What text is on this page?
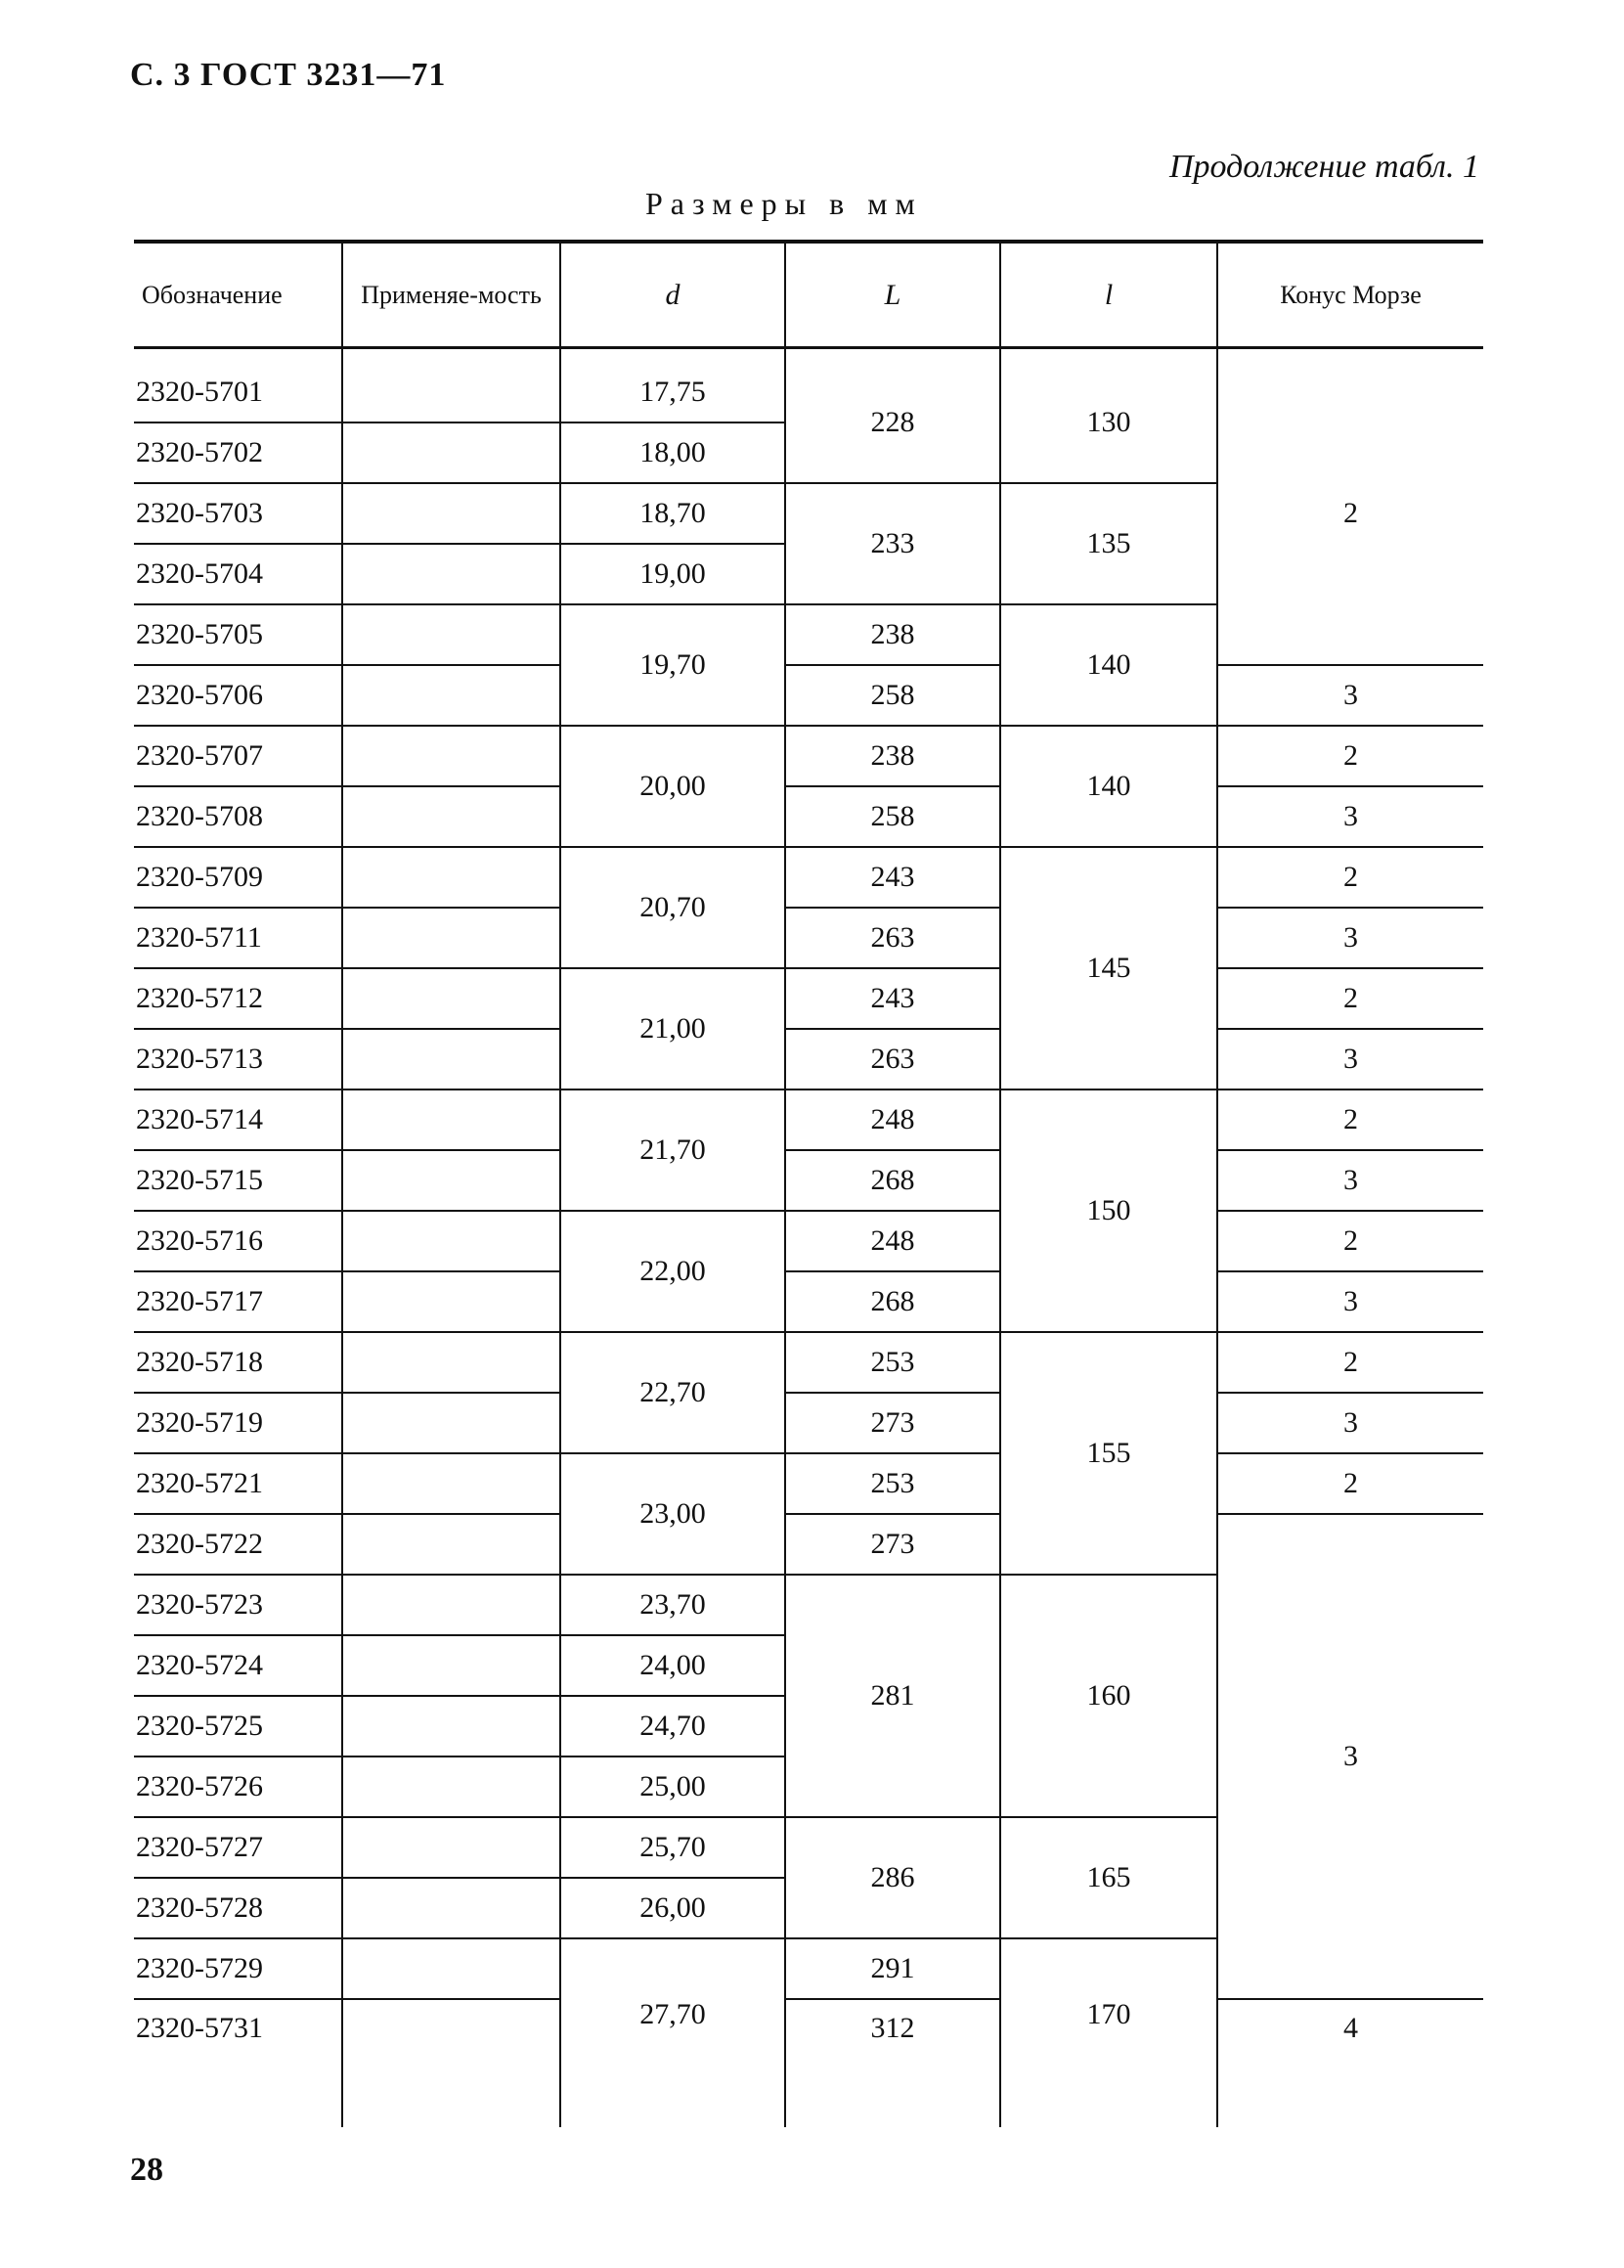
С. 3 ГОСТ 3231—71
Продолжение табл. 1
Размеры в мм
Обозначение	Применяе-мость	d	L	l	Конус Морзе

2320-5701		17,75	228	130	2
2320-5702		18,00			
2320-5703		18,70	233	135	
2320-5704		19,00			
2320-5705		19,70	238	140	
2320-5706			258		3
2320-5707		20,00	238	140	2
2320-5708			258		3
2320-5709		20,70	243	145	2
2320-5711			263		3
2320-5712		21,00	243		2
2320-5713			263		3
2320-5714		21,70	248	150	2
2320-5715			268		3
2320-5716		22,00	248		2
2320-5717			268		3
2320-5718		22,70	253	155	2
2320-5719			273		3
2320-5721		23,00	253		2
2320-5722			273		3
2320-5723		23,70	281	160	
2320-5724		24,00			
2320-5725		24,70			
2320-5726		25,00			
2320-5727		25,70	286	165	
2320-5728		26,00			
2320-5729		27,70	291	170	
2320-5731			312		4

28
